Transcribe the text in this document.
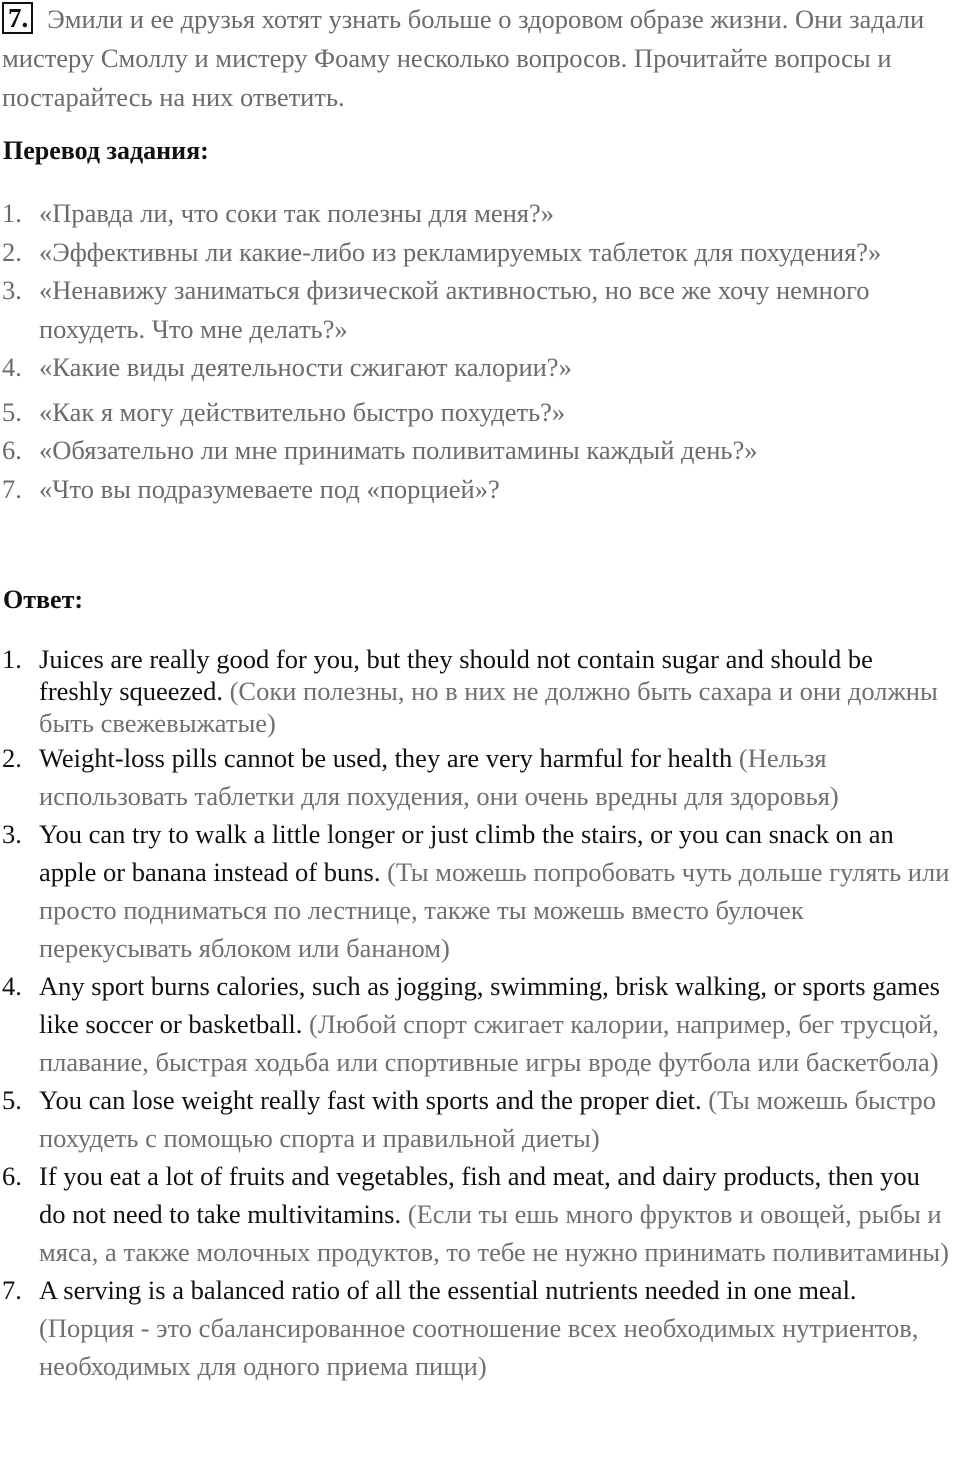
7. Эмили и ее друзья хотят узнать больше о здоровом образе жизни. Они задали мистеру Смоллу и мистеру Фоаму несколько вопросов. Прочитайте вопросы и постарайтесь на них ответить.
Перевод задания:
1. «Правда ли, что соки так полезны для меня?»
2. «Эффективны ли какие-либо из рекламируемых таблеток для похудения?»
3. «Ненавижу заниматься физической активностью, но все же хочу немного похудеть. Что мне делать?»
4. «Какие виды деятельности сжигают калории?»
5. «Как я могу действительно быстро похудеть?»
6. «Обязательно ли мне принимать поливитамины каждый день?»
7. «Что вы подразумеваете под «порцией»?
Ответ:
1. Juices are really good for you, but they should not contain sugar and should be freshly squeezed. (Соки полезны, но в них не должно быть сахара и они должны быть свежевыжатые)
2. Weight-loss pills cannot be used, they are very harmful for health (Нельзя использовать таблетки для похудения, они очень вредны для здоровья)
3. You can try to walk a little longer or just climb the stairs, or you can snack on an apple or banana instead of buns. (Ты можешь попробовать чуть дольше гулять или просто подниматься по лестнице, также ты можешь вместо булочек перекусывать яблоком или бананом)
4. Any sport burns calories, such as jogging, swimming, brisk walking, or sports games like soccer or basketball. (Любой спорт сжигает калории, например, бег трусцой, плавание, быстрая ходьба или спортивные игры вроде футбола или баскетбола)
5. You can lose weight really fast with sports and the proper diet. (Ты можешь быстро похудеть с помощью спорта и правильной диеты)
6. If you eat a lot of fruits and vegetables, fish and meat, and dairy products, then you do not need to take multivitamins. (Если ты ешь много фруктов и овощей, рыбы и мяса, а также молочных продуктов, то тебе не нужно принимать поливитамины)
7. A serving is a balanced ratio of all the essential nutrients needed in one meal. (Порция - это сбалансированное соотношение всех необходимых нутриентов, необходимых для одного приема пищи)
